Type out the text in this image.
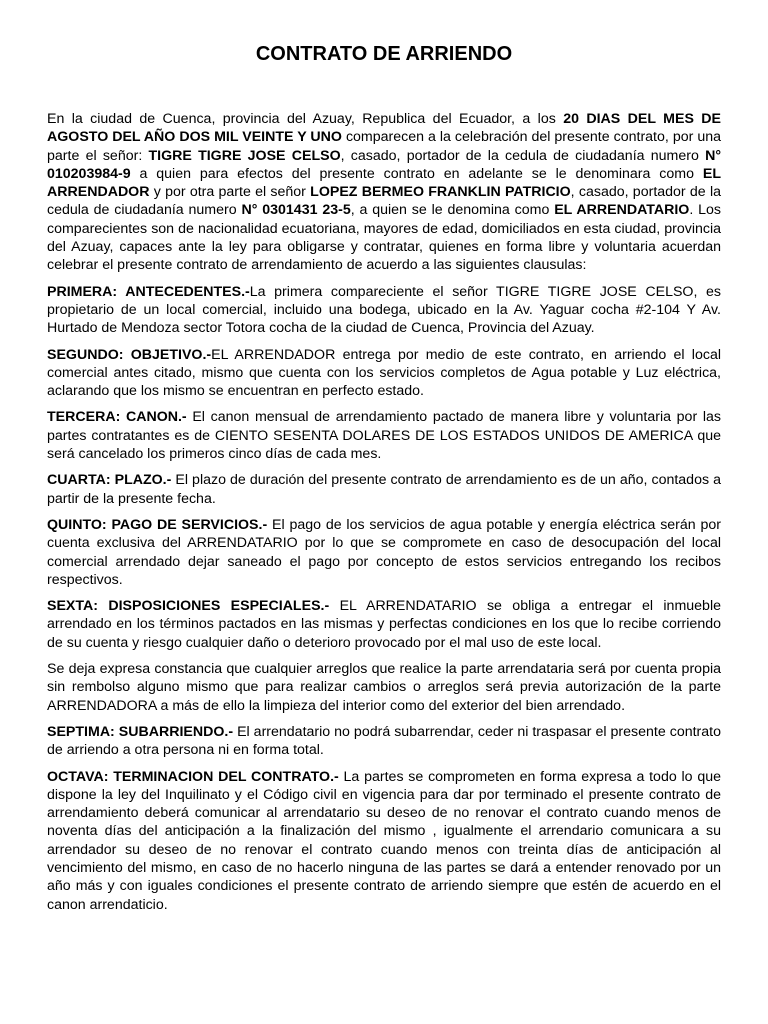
CONTRATO DE ARRIENDO

En la ciudad de Cuenca, provincia del Azuay, Republica del Ecuador, a los 20 DIAS DEL MES DE AGOSTO DEL AÑO DOS MIL VEINTE Y UNO comparecen a la celebración del presente contrato, por una parte el señor: TIGRE TIGRE JOSE CELSO, casado, portador de la cedula de ciudadanía numero N° 010203984-9 a quien para efectos del presente contrato en adelante se le denominara como EL ARRENDADOR y por otra parte el señor LOPEZ BERMEO FRANKLIN PATRICIO, casado, portador de la cedula de ciudadanía numero N° 0301431 23-5, a quien se le denomina como EL ARRENDATARIO. Los comparecientes son de nacionalidad ecuatoriana, mayores de edad, domiciliados en esta ciudad, provincia del Azuay, capaces ante la ley para obligarse y contratar, quienes en forma libre y voluntaria acuerdan celebrar el presente contrato de arrendamiento de acuerdo a las siguientes clausulas:

PRIMERA: ANTECEDENTES.-La primera compareciente el señor TIGRE TIGRE JOSE CELSO, es propietario de un local comercial, incluido una bodega, ubicado en la Av. Yaguar cocha #2-104 Y Av. Hurtado de Mendoza sector Totora cocha de la ciudad de Cuenca, Provincia del Azuay.

SEGUNDO: OBJETIVO.-EL ARRENDADOR entrega por medio de este contrato, en arriendo el local comercial antes citado, mismo que cuenta con los servicios completos de Agua potable y Luz eléctrica, aclarando que los mismo se encuentran en perfecto estado.

TERCERA: CANON.- El canon mensual de arrendamiento pactado de manera libre y voluntaria por las partes contratantes es de CIENTO SESENTA DOLARES DE LOS ESTADOS UNIDOS DE AMERICA que será cancelado los primeros cinco días de cada mes.

CUARTA: PLAZO.- El plazo de duración del presente contrato de arrendamiento es de un año, contados a partir de la presente fecha.

QUINTO: PAGO DE SERVICIOS.- El pago de los servicios de agua potable y energía eléctrica serán por cuenta exclusiva del ARRENDATARIO por lo que se compromete en caso de desocupación del local comercial arrendado dejar saneado el pago por concepto de estos servicios entregando los recibos respectivos.

SEXTA: DISPOSICIONES ESPECIALES.- EL ARRENDATARIO se obliga a entregar el inmueble arrendado en los términos pactados en las mismas y perfectas condiciones en los que lo recibe corriendo de su cuenta y riesgo cualquier daño o deterioro provocado por el mal uso de este local.

Se deja expresa constancia que cualquier arreglos que realice la parte arrendataria será por cuenta propia sin rembolso alguno mismo que para realizar cambios o arreglos será previa autorización de la parte ARRENDADORA a más de ello la limpieza del interior como del exterior del bien arrendado.

SEPTIMA: SUBARRIENDO.- El arrendatario no podrá subarrendar, ceder ni traspasar el presente contrato de arriendo a otra persona ni en forma total.

OCTAVA: TERMINACION DEL CONTRATO.- La partes se comprometen en forma expresa a todo lo que dispone la ley del Inquilinato y el Código civil en vigencia para dar por terminado el presente contrato de arrendamiento deberá comunicar al arrendatario su deseo de no renovar el contrato cuando menos de noventa días del anticipación a la finalización del mismo , igualmente el arrendario comunicara a su arrendador su deseo de no renovar el contrato cuando menos con treinta días de anticipación al vencimiento del mismo, en caso de no hacerlo ninguna de las partes se dará a entender renovado por un año más y con iguales condiciones el presente contrato de arriendo siempre que estén de acuerdo en el canon arrendaticio.
